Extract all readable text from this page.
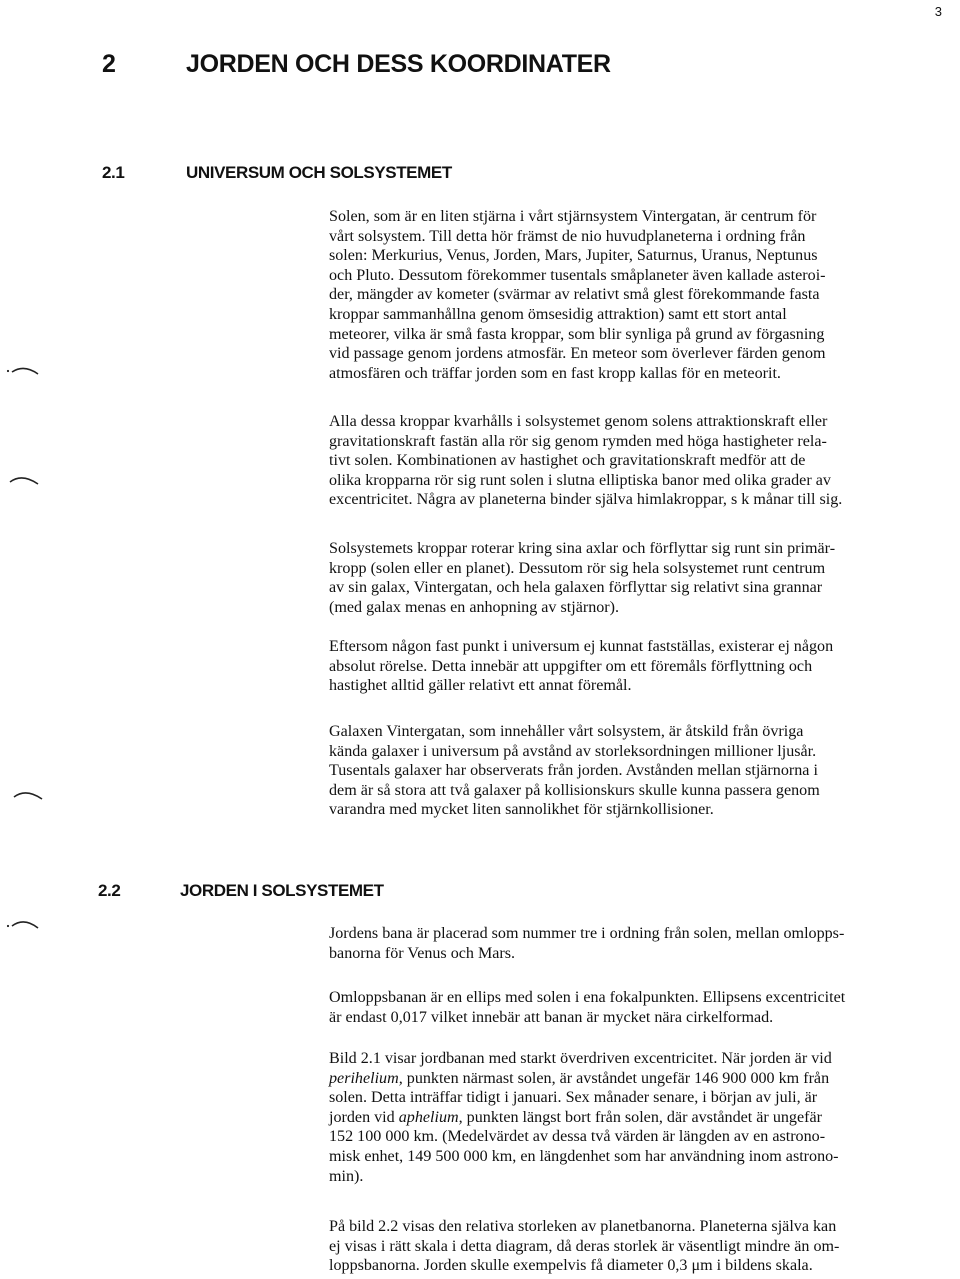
3
2	JORDEN OCH DESS KOORDINATER
2.1	UNIVERSUM OCH SOLSYSTEMET
Solen, som är en liten stjärna i vårt stjärnsystem Vintergatan, är centrum för
vårt solsystem. Till detta hör främst de nio huvudplaneterna i ordning från
solen: Merkurius, Venus, Jorden, Mars, Jupiter, Saturnus, Uranus, Neptunus
och Pluto. Dessutom förekommer tusentals småplaneter även kallade asteroi-
der, mängder av kometer (svärmar av relativt små glest förekommande fasta
kroppar sammanhållna genom ömsesidig attraktion) samt ett stort antal
meteorer, vilka är små fasta kroppar, som blir synliga på grund av förgasning
vid passage genom jordens atmosfär. En meteor som överlever färden genom
atmosfären och träffar jorden som en fast kropp kallas för en meteorit.
Alla dessa kroppar kvarhålls i solsystemet genom solens attraktionskraft eller
gravitationskraft fastän alla rör sig genom rymden med höga hastigheter rela-
tivt solen. Kombinationen av hastighet och gravitationskraft medför att de
olika kropparna rör sig runt solen i slutna elliptiska banor med olika grader av
excentricitet. Några av planeterna binder själva himlakroppar, s k månar till sig.
Solsystemets kroppar roterar kring sina axlar och förflyttar sig runt sin primär-
kropp (solen eller en planet). Dessutom rör sig hela solsystemet runt centrum
av sin galax, Vintergatan, och hela galaxen förflyttar sig relativt sina grannar
(med galax menas en anhopning av stjärnor).
Eftersom någon fast punkt i universum ej kunnat fastställas, existerar ej någon
absolut rörelse. Detta innebär att uppgifter om ett föremåls förflyttning och
hastighet alltid gäller relativt ett annat föremål.
Galaxen Vintergatan, som innehåller vårt solsystem, är åtskild från övriga
kända galaxer i universum på avstånd av storleksordningen millioner ljusår.
Tusentals galaxer har observerats från jorden. Avstånden mellan stjärnorna i
dem är så stora att två galaxer på kollisionskurs skulle kunna passera genom
varandra med mycket liten sannolikhet för stjärnkollisioner.
2.2	JORDEN I SOLSYSTEMET
Jordens bana är placerad som nummer tre i ordning från solen, mellan omlopps-
banorna för Venus och Mars.
Omloppsbanan är en ellips med solen i ena fokalpunkten. Ellipsens excentricitet
är endast 0,017 vilket innebär att banan är mycket nära cirkelformad.
Bild 2.1 visar jordbanan med starkt överdriven excentricitet. När jorden är vid
perihelium, punkten närmast solen, är avståndet ungefär 146 900 000 km från
solen. Detta inträffar tidigt i januari. Sex månader senare, i början av juli, är
jorden vid aphelium, punkten längst bort från solen, där avståndet är ungefär
152 100 000 km. (Medelvärdet av dessa två värden är längden av en astrono-
misk enhet, 149 500 000 km, en längdenhet som har användning inom astrono-
min).
På bild 2.2 visas den relativa storleken av planetbanorna. Planeterna själva kan
ej visas i rätt skala i detta diagram, då deras storlek är väsentligt mindre än om-
loppsbanorna. Jorden skulle exempelvis få diameter 0,3 μm i bildens skala.
